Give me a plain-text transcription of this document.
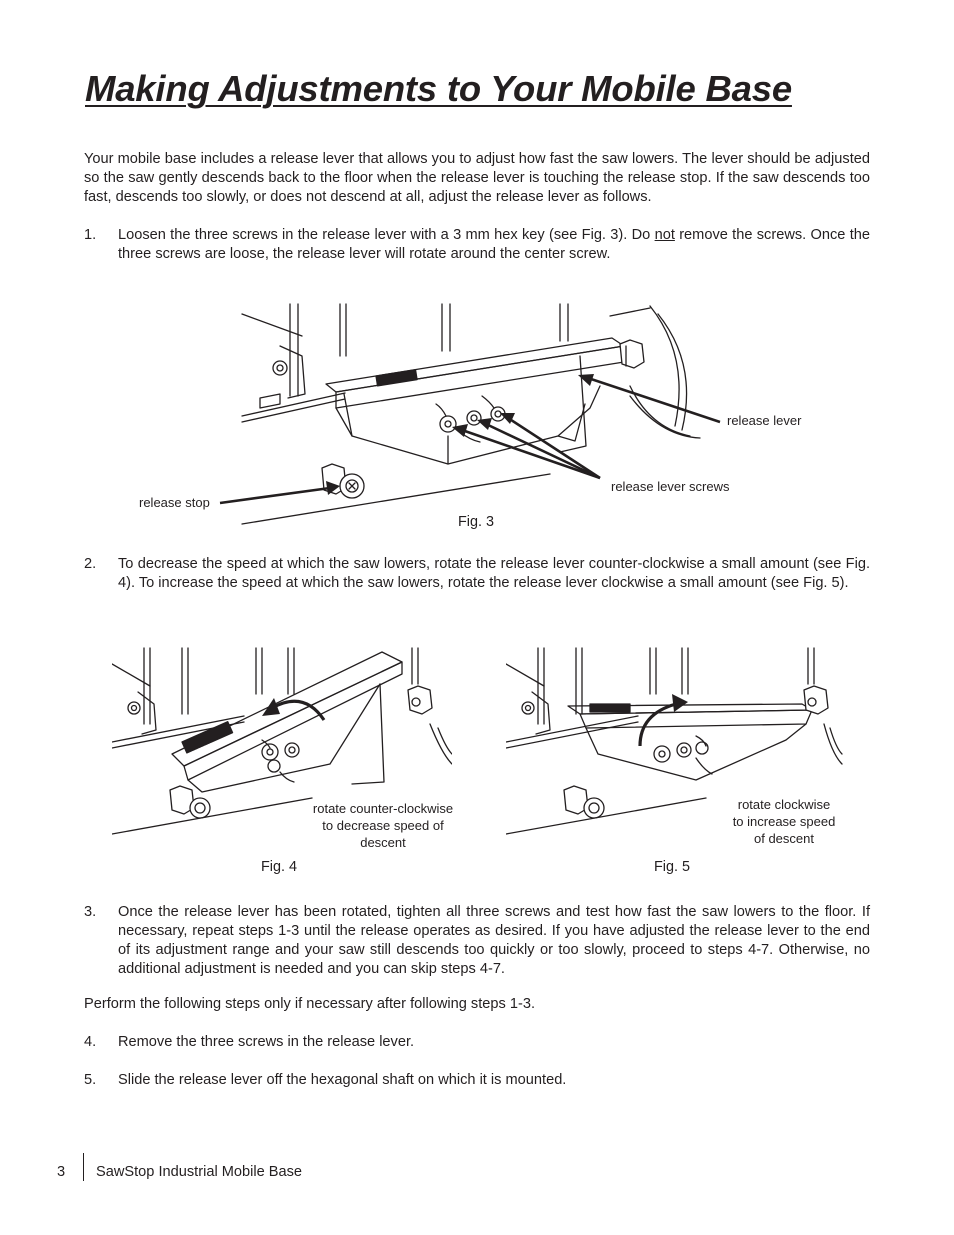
Making Adjustments to Your Mobile Base

Your mobile base includes a release lever that allows you to adjust how fast the saw lowers. The lever should be adjusted so the saw gently descends back to the floor when the release lever is touching the release stop. If the saw descends too fast, descends too slowly, or does not descend at all, adjust the release lever as follows.

1. Loosen the three screws in the release lever with a 3 mm hex key (see Fig. 3). Do not remove the screws. Once the three screws are loose, the release lever will rotate around the center screw.
release lever
release lever screws
release stop
Fig. 3
2. To decrease the speed at which the saw lowers, rotate the release lever counter-clockwise a small amount (see Fig. 4). To increase the speed at which the saw lowers, rotate the release lever clockwise a small amount (see Fig. 5).
Lower
rotate counter-clockwise
to decrease speed of
descent
Fig. 4
rotate clockwise
to increase speed
of descent
Fig. 5
3. Once the release lever has been rotated, tighten all three screws and test how fast the saw lowers to the floor. If necessary, repeat steps 1-3 until the release operates as desired. If you have adjusted the release lever to the end of its adjustment range and your saw still descends too quickly or too slowly, proceed to steps 4-7. Otherwise, no additional adjustment is needed and you can skip steps 4-7.

Perform the following steps only if necessary after following steps 1-3.

4. Remove the three screws in the release lever.
5. Slide the release lever off the hexagonal shaft on which it is mounted.
3 SawStop Industrial Mobile Base
